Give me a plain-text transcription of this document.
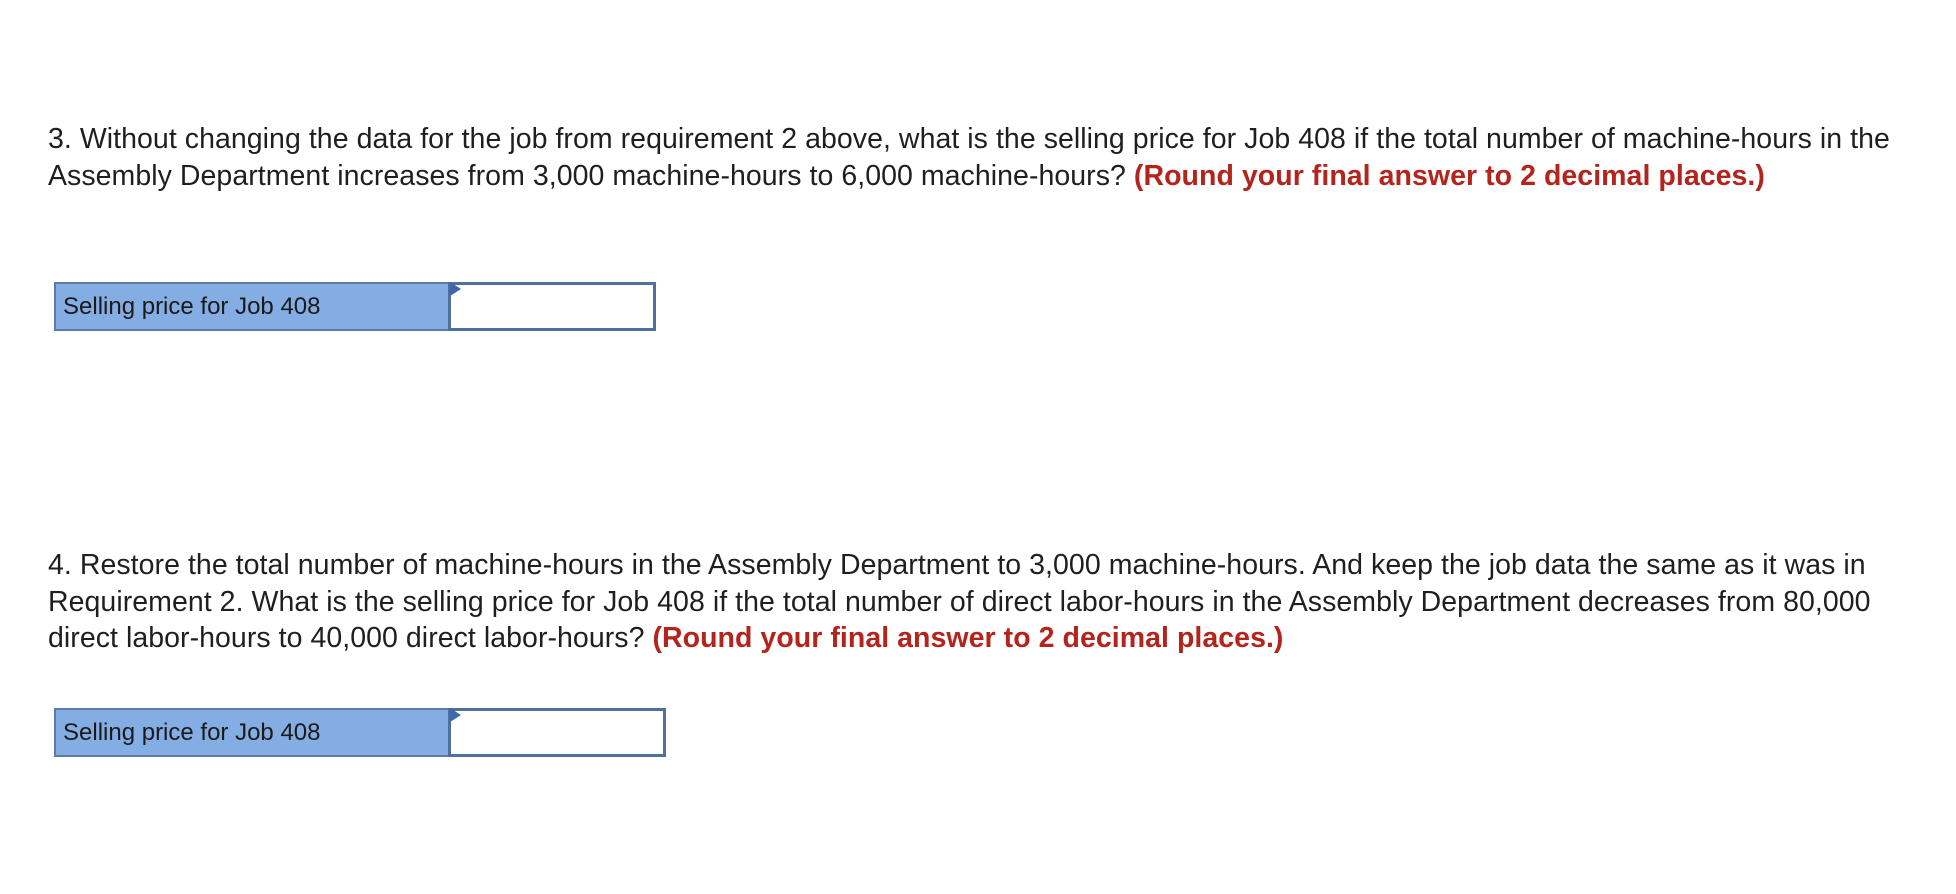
3. Without changing the data for the job from requirement 2 above, what is the selling price for Job 408 if the total number of machine-hours in the Assembly Department increases from 3,000 machine-hours to 6,000 machine-hours? (Round your final answer to 2 decimal places.)
Selling price for Job 408
4. Restore the total number of machine-hours in the Assembly Department to 3,000 machine-hours. And keep the job data the same as it was in Requirement 2. What is the selling price for Job 408 if the total number of direct labor-hours in the Assembly Department decreases from 80,000 direct labor-hours to 40,000 direct labor-hours? (Round your final answer to 2 decimal places.)
Selling price for Job 408
